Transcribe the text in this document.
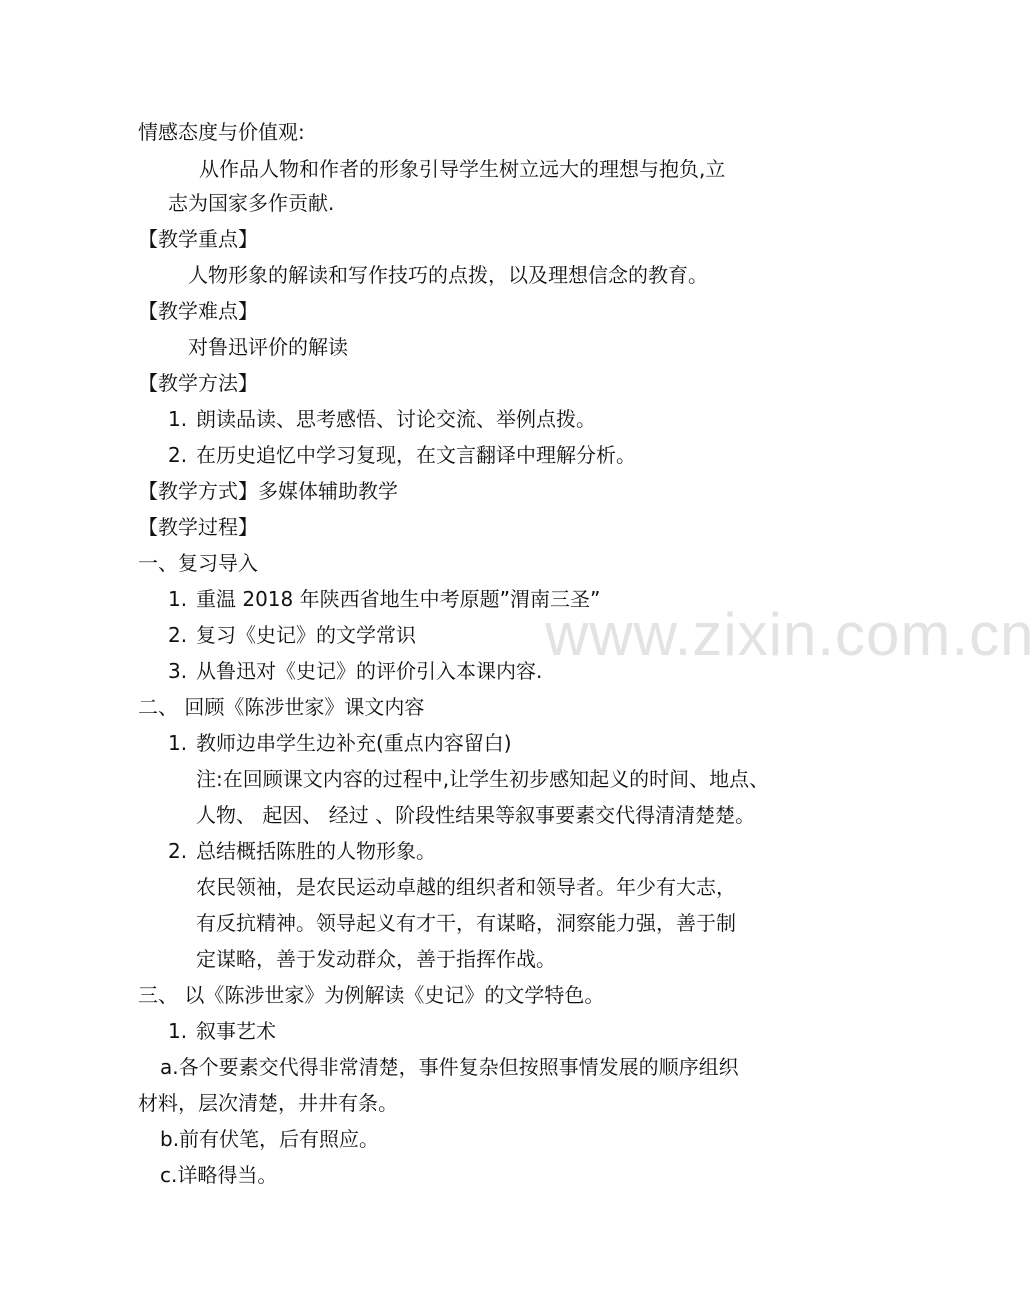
www.zixin.com.cn
情感态度与价值观:
从作品人物和作者的形象引导学生树立远大的理想与抱负,立
志为国家多作贡献.
【教学重点】
人物形象的解读和写作技巧的点拨，以及理想信念的教育。
【教学难点】
对鲁迅评价的解读
【教学方法】
1. 朗读品读、思考感悟、讨论交流、举例点拨。
2. 在历史追忆中学习复现，在文言翻译中理解分析。
【教学方式】多媒体辅助教学
【教学过程】
一、复习导入
1. 重温 2018 年陕西省地生中考原题”渭南三圣”
2. 复习《史记》的文学常识
3. 从鲁迅对《史记》的评价引入本课内容.
二、 回顾《陈涉世家》课文内容
1. 教师边串学生边补充(重点内容留白)
注:在回顾课文内容的过程中,让学生初步感知起义的时间、地点、
人物、 起因、 经过 、阶段性结果等叙事要素交代得清清楚楚。
2. 总结概括陈胜的人物形象。
农民领袖，是农民运动卓越的组织者和领导者。年少有大志，
有反抗精神。领导起义有才干，有谋略，洞察能力强，善于制
定谋略，善于发动群众，善于指挥作战。
三、 以《陈涉世家》为例解读《史记》的文学特色。
1. 叙事艺术
a.各个要素交代得非常清楚，事件复杂但按照事情发展的顺序组织
材料，层次清楚，井井有条。
b.前有伏笔，后有照应。
c.详略得当。
